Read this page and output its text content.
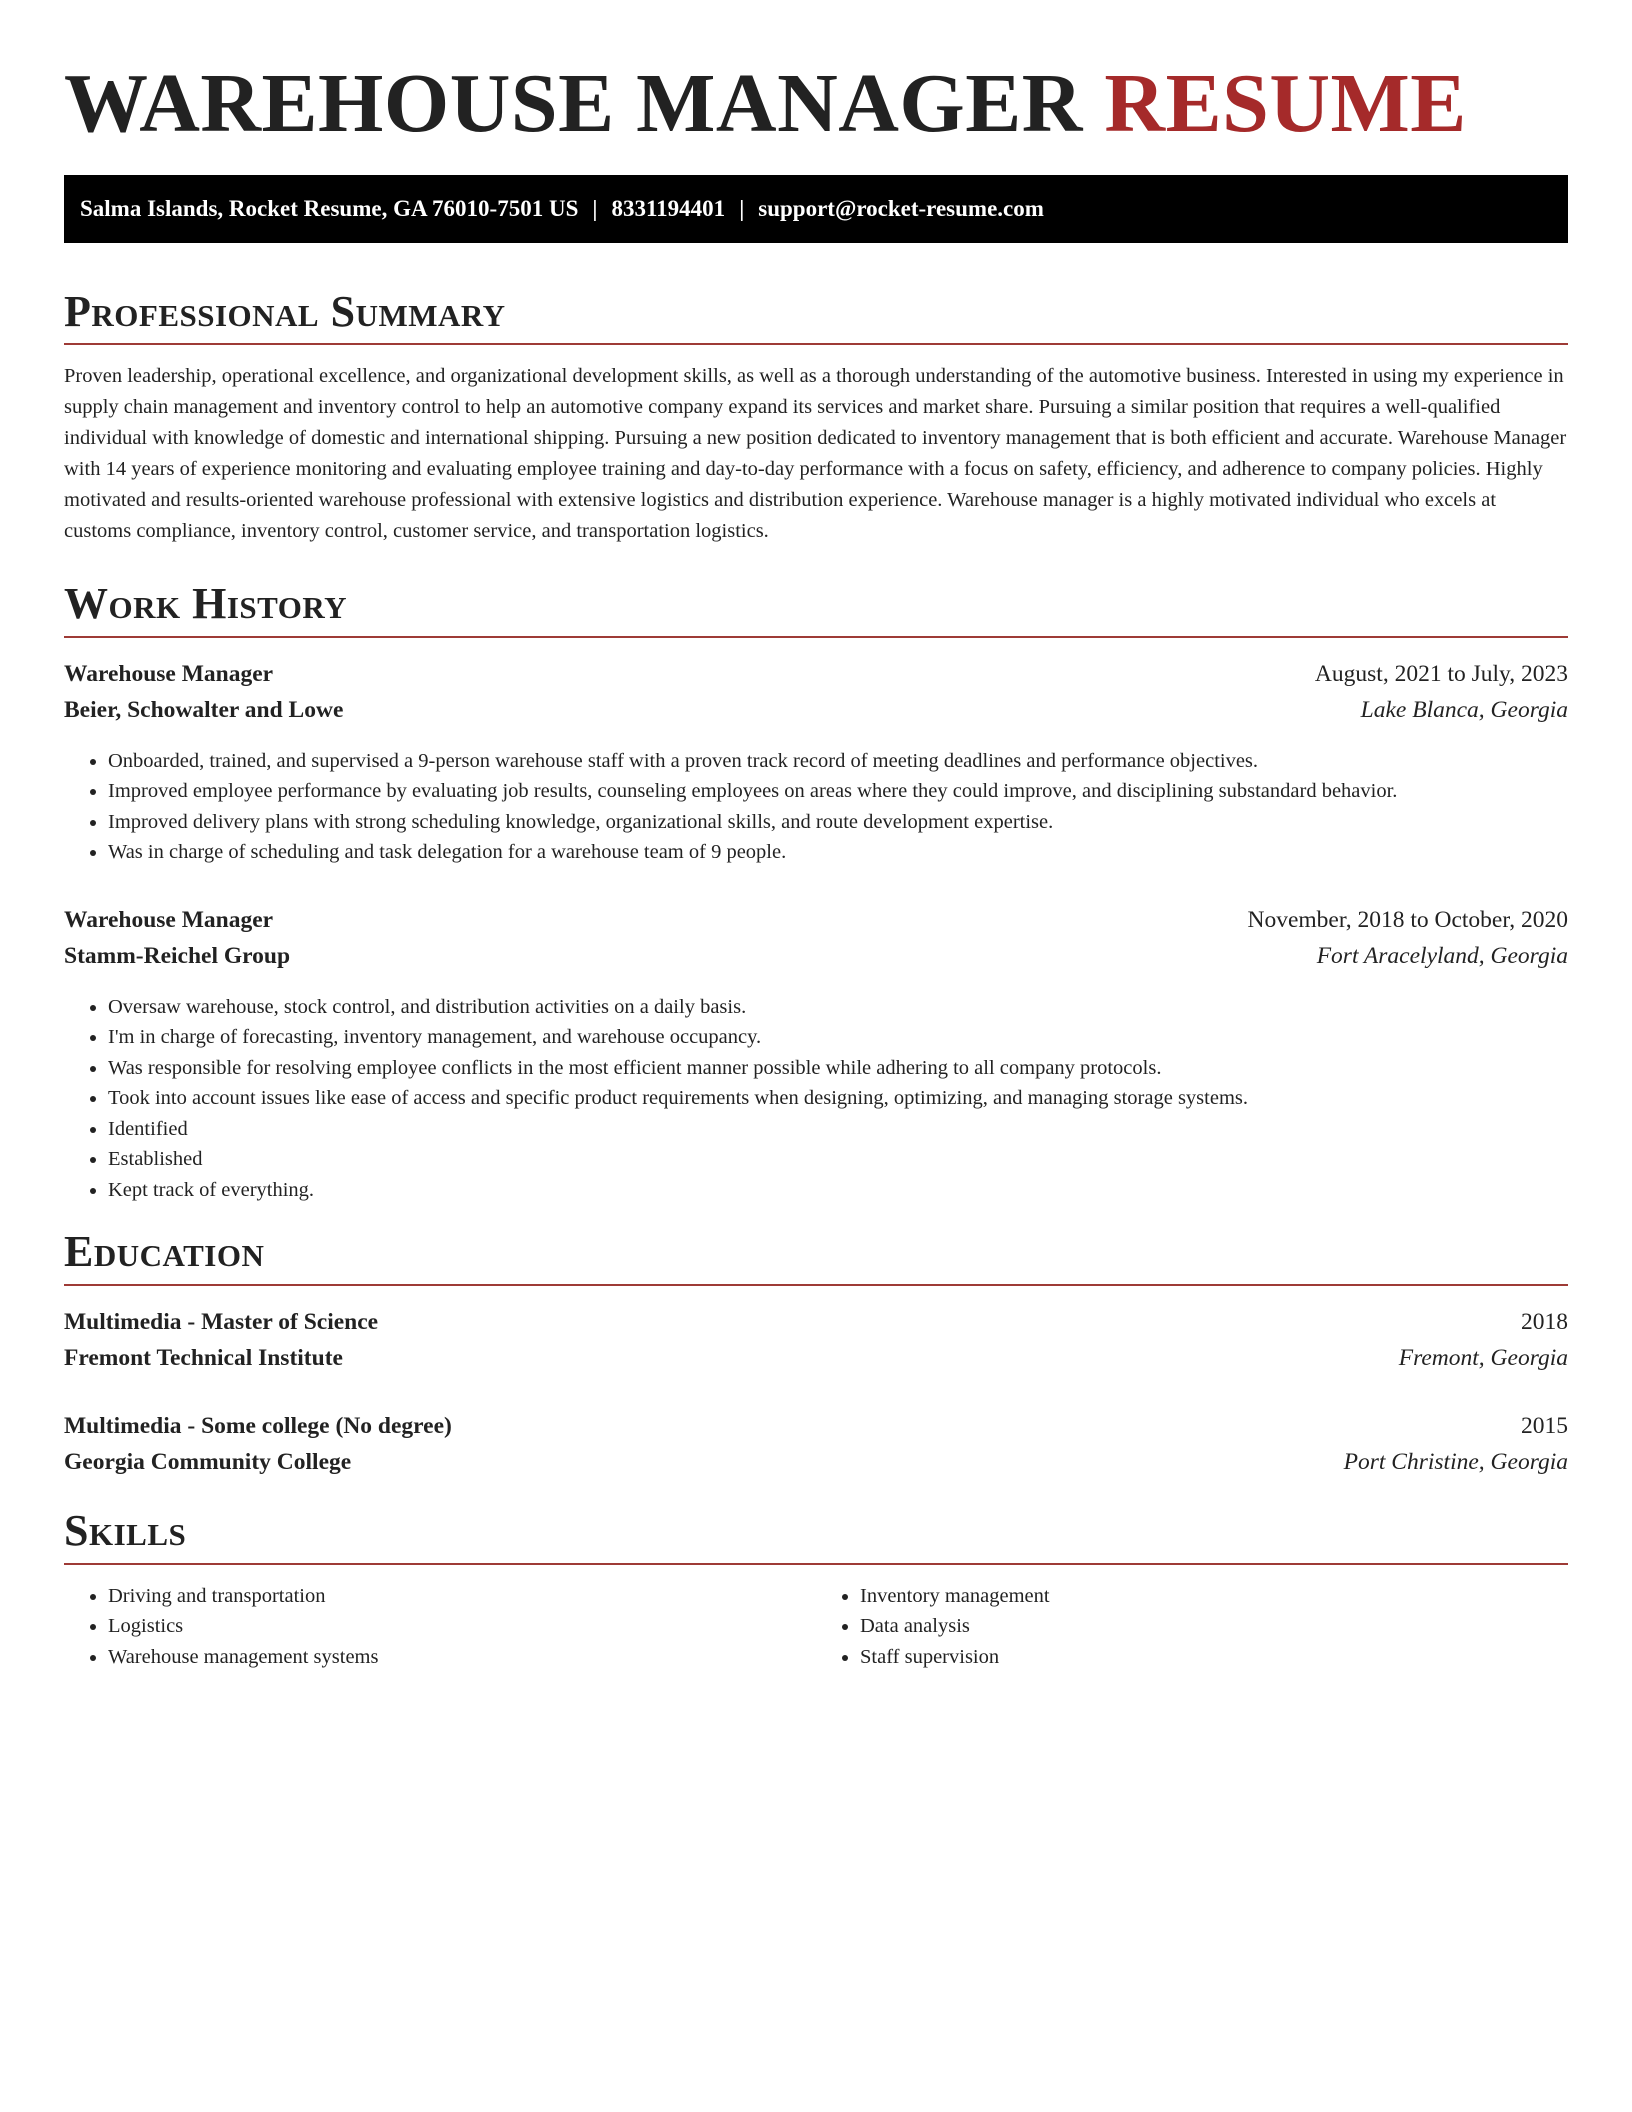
WAREHOUSE MANAGER RESUME
Salma Islands, Rocket Resume, GA 76010-7501 US | 8331194401 | support@rocket-resume.com
Professional Summary

Proven leadership, operational excellence, and organizational development skills, as well as a thorough understanding of the automotive business. Interested in using my experience in supply chain management and inventory control to help an automotive company expand its services and market share. Pursuing a similar position that requires a well-qualified individual with knowledge of domestic and international shipping. Pursuing a new position dedicated to inventory management that is both efficient and accurate. Warehouse Manager with 14 years of experience monitoring and evaluating employee training and day-to-day performance with a focus on safety, efficiency, and adherence to company policies. Highly motivated and results-oriented warehouse professional with extensive logistics and distribution experience. Warehouse manager is a highly motivated individual who excels at customs compliance, inventory control, customer service, and transportation logistics.

Work History
Warehouse Manager	August, 2021 to July, 2023
Beier, Schowalter and Lowe	Lake Blanca, Georgia
• Onboarded, trained, and supervised a 9-person warehouse staff with a proven track record of meeting deadlines and performance objectives.
• Improved employee performance by evaluating job results, counseling employees on areas where they could improve, and disciplining substandard behavior.
• Improved delivery plans with strong scheduling knowledge, organizational skills, and route development expertise.
• Was in charge of scheduling and task delegation for a warehouse team of 9 people.
Warehouse Manager	November, 2018 to October, 2020
Stamm-Reichel Group	Fort Aracelyland, Georgia
• Oversaw warehouse, stock control, and distribution activities on a daily basis.
• I'm in charge of forecasting, inventory management, and warehouse occupancy.
• Was responsible for resolving employee conflicts in the most efficient manner possible while adhering to all company protocols.
• Took into account issues like ease of access and specific product requirements when designing, optimizing, and managing storage systems.
• Identified
• Established
• Kept track of everything.
Education
Multimedia - Master of Science	2018
Fremont Technical Institute	Fremont, Georgia
Multimedia - Some college (No degree)	2015
Georgia Community College	Port Christine, Georgia
Skills
• Driving and transportation
• Logistics
• Warehouse management systems
• Inventory management
• Data analysis
• Staff supervision
